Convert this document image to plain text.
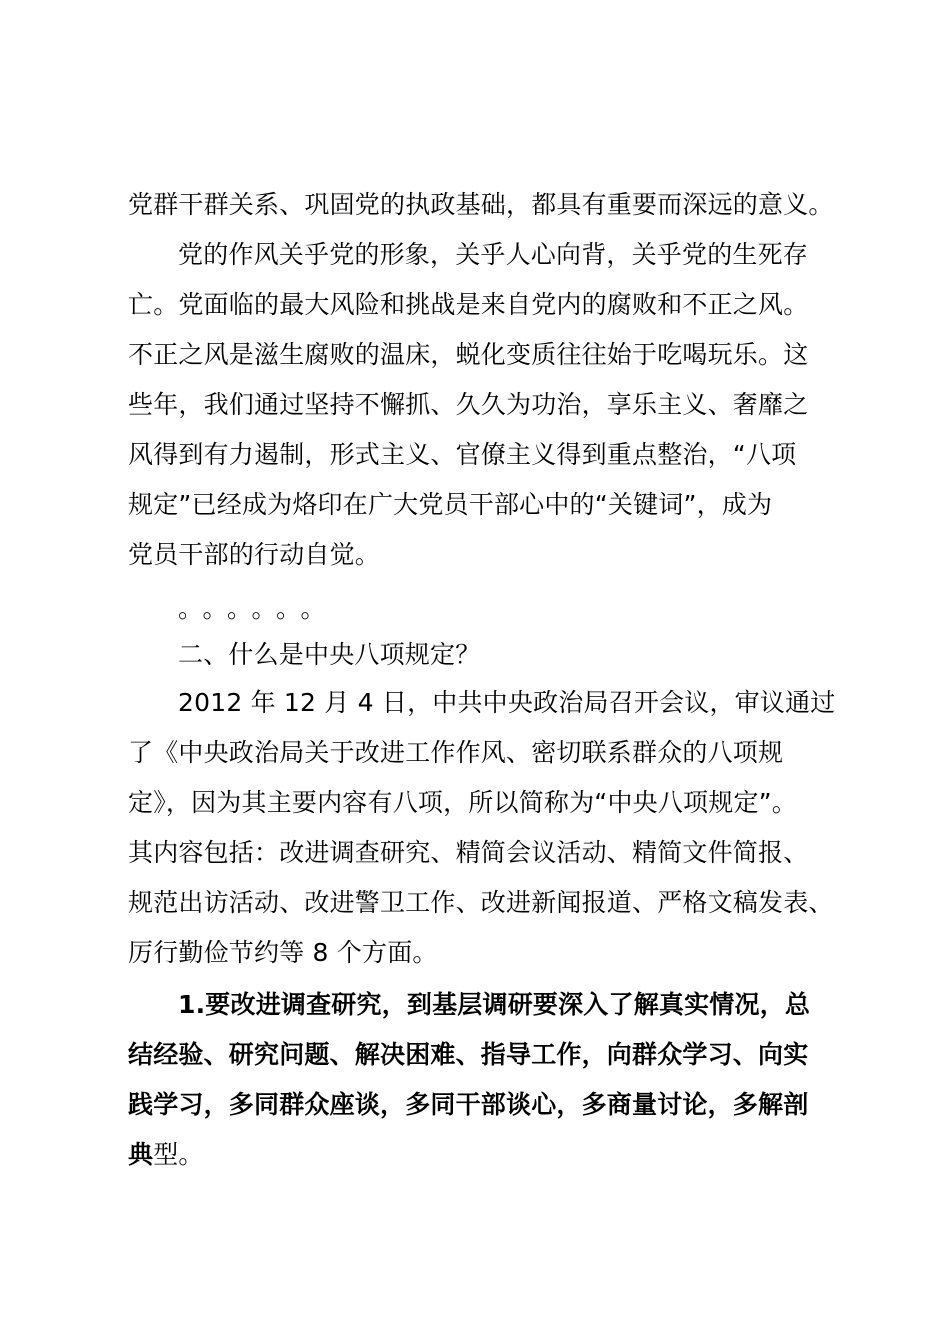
党群干群关系、巩固党的执政基础，都具有重要而深远的意义。
党的作风关乎党的形象，关乎人心向背，关乎党的生死存
亡。党面临的最大风险和挑战是来自党内的腐败和不正之风。
不正之风是滋生腐败的温床，蜕化变质往往始于吃喝玩乐。这
些年，我们通过坚持不懈抓、久久为功治，享乐主义、奢靡之
风得到有力遏制，形式主义、官僚主义得到重点整治，“八项
规定”已经成为烙印在广大党员干部心中的“关键词”，成为
党员干部的行动自觉。
。。。。。。
二、什么是中央八项规定？
2012 年 12 月 4 日，中共中央政治局召开会议，审议通过
了《中央政治局关于改进工作作风、密切联系群众的八项规
定》，因为其主要内容有八项，所以简称为“中央八项规定”。
其内容包括：改进调查研究、精简会议活动、精简文件简报、
规范出访活动、改进警卫工作、改进新闻报道、严格文稿发表、
厉行勤俭节约等 8 个方面。
1.要改进调查研究，到基层调研要深入了解真实情况，总
结经验、研究问题、解决困难、指导工作，向群众学习、向实
践学习，多同群众座谈，多同干部谈心，多商量讨论，多解剖
典型。
